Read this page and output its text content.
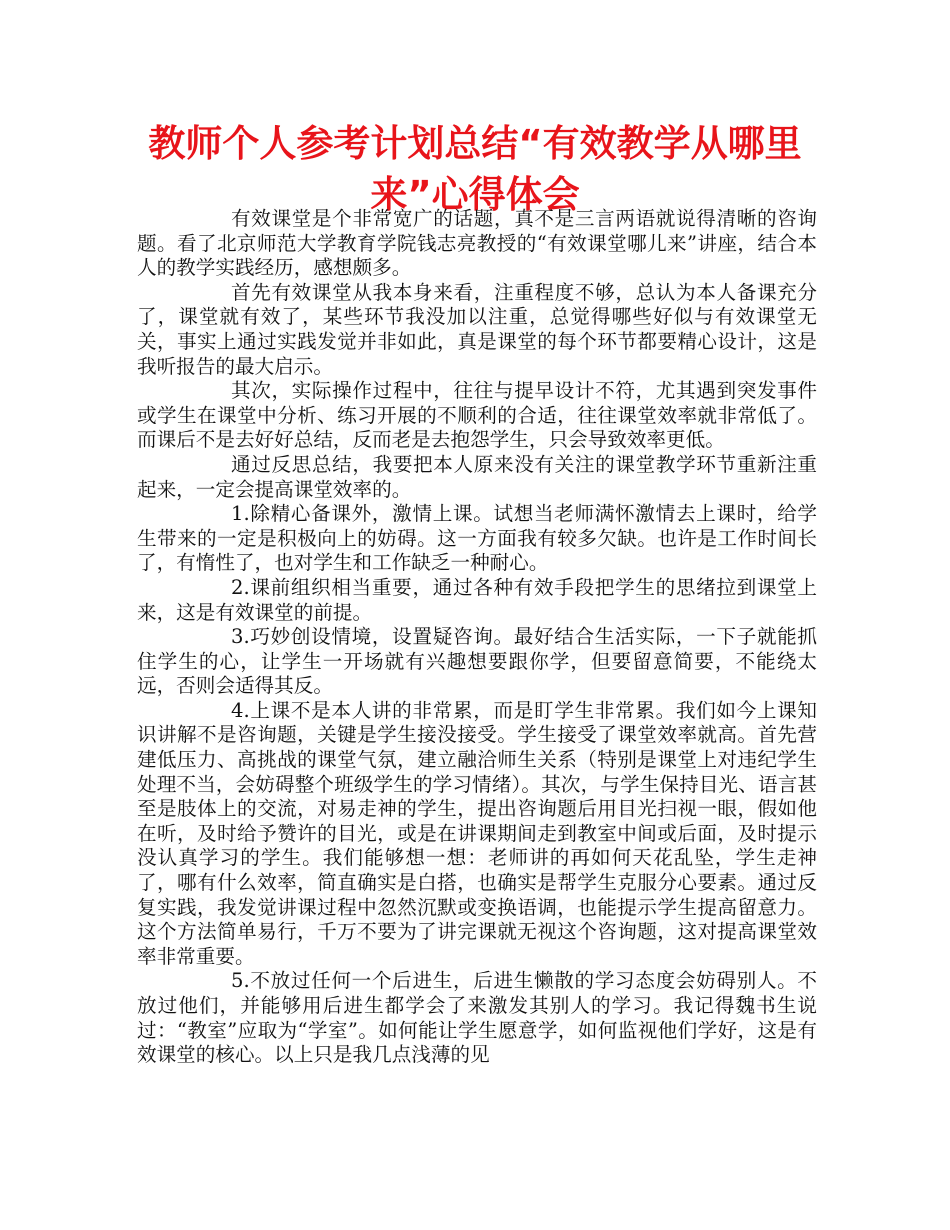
教师个人参考计划总结“有效教学从哪里来”心得体会

有效课堂是个非常宽广的话题，真不是三言两语就说得清晰的咨询题。看了北京师范大学教育学院钱志亮教授的“有效课堂哪儿来”讲座，结合本人的教学实践经历，感想颇多。

首先有效课堂从我本身来看，注重程度不够，总认为本人备课充分了，课堂就有效了，某些环节我没加以注重，总觉得哪些好似与有效课堂无关，事实上通过实践发觉并非如此，真是课堂的每个环节都要精心设计，这是我听报告的最大启示。

其次，实际操作过程中，往往与提早设计不符，尤其遇到突发事件或学生在课堂中分析、练习开展的不顺利的合适，往往课堂效率就非常低了。而课后不是去好好总结，反而老是去抱怨学生，只会导致效率更低。

通过反思总结，我要把本人原来没有关注的课堂教学环节重新注重起来，一定会提高课堂效率的。

1.除精心备课外，激情上课。试想当老师满怀激情去上课时，给学生带来的一定是积极向上的妨碍。这一方面我有较多欠缺。也许是工作时间长了，有惰性了，也对学生和工作缺乏一种耐心。

2.课前组织相当重要，通过各种有效手段把学生的思绪拉到课堂上来，这是有效课堂的前提。

3.巧妙创设情境，设置疑咨询。最好结合生活实际，一下子就能抓住学生的心，让学生一开场就有兴趣想要跟你学，但要留意简要，不能绕太远，否则会适得其反。

4.上课不是本人讲的非常累，而是盯学生非常累。我们如今上课知识讲解不是咨询题，关键是学生接没接受。学生接受了课堂效率就高。首先营建低压力、高挑战的课堂气氛，建立融洽师生关系（特别是课堂上对违纪学生处理不当，会妨碍整个班级学生的学习情绪）。其次，与学生保持目光、语言甚至是肢体上的交流，对易走神的学生，提出咨询题后用目光扫视一眼，假如他在听，及时给予赞许的目光，或是在讲课期间走到教室中间或后面，及时提示没认真学习的学生。我们能够想一想：老师讲的再如何天花乱坠，学生走神了，哪有什么效率，简直确实是白搭，也确实是帮学生克服分心要素。通过反复实践，我发觉讲课过程中忽然沉默或变换语调，也能提示学生提高留意力。这个方法简单易行，千万不要为了讲完课就无视这个咨询题，这对提高课堂效率非常重要。

5.不放过任何一个后进生，后进生懒散的学习态度会妨碍别人。不放过他们，并能够用后进生都学会了来激发其别人的学习。我记得魏书生说过：“教室”应取为“学室”。如何能让学生愿意学，如何监视他们学好，这是有效课堂的核心。以上只是我几点浅薄的见
